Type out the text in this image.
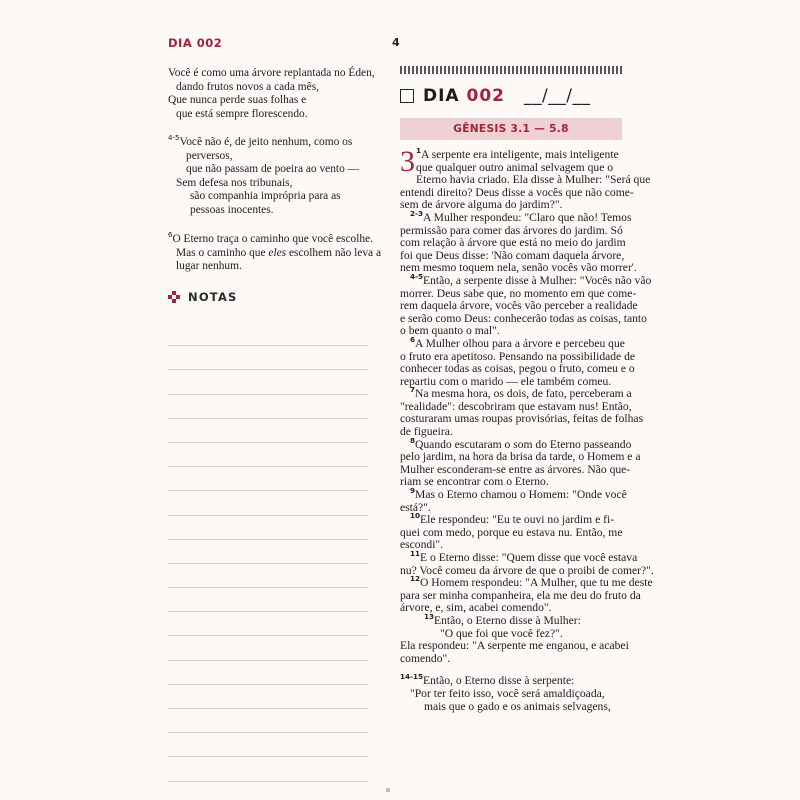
DIA 002	4
Você é como uma árvore replantada no Éden,
dando frutos novos a cada mês,
Que nunca perde suas folhas e
que está sempre florescendo.
$^{4-5}$Você não é, de jeito nenhum, como os
perversos,
que não passam de poeira ao vento —
Sem defesa nos tribunais,
são companhia imprópria para as
pessoas inocentes.
$^6$O Eterno traça o caminho que você escolhe.
Mas o caminho que eles escolhem não leva a
lugar nenhum.
NOTAS
DIA 002 __/__/__
GÊNESIS 3.1 — 5.8
3 $^1$A serpente era inteligente, mais inteligente
que qualquer outro animal selvagem que o
Eterno havia criado. Ela disse à Mulher: "Será que
entendi direito? Deus disse a vocês que não come-
sem de árvore alguma do jardim?".
$^{2-3}$A Mulher respondeu: "Claro que não! Temos
permissão para comer das árvores do jardim. Só
com relação à árvore que está no meio do jardim
foi que Deus disse: 'Não comam daquela árvore,
nem mesmo toquem nela, senão vocês vão morrer'.
$^{4-5}$Então, a serpente disse à Mulher: "Vocês não vão
morrer. Deus sabe que, no momento em que come-
rem daquela árvore, vocês vão perceber a realidade
e serão como Deus: conhecerão todas as coisas, tanto
o bem quanto o mal".
$^6$A Mulher olhou para a árvore e percebeu que
o fruto era apetitoso. Pensando na possibilidade de
conhecer todas as coisas, pegou o fruto, comeu e o
repartiu com o marido — ele também comeu.
$^7$Na mesma hora, os dois, de fato, perceberam a
"realidade": descobriram que estavam nus! Então,
costuraram umas roupas provisórias, feitas de folhas
de figueira.
$^8$Quando escutaram o som do Eterno passeando
pelo jardim, na hora da brisa da tarde, o Homem e a
Mulher esconderam-se entre as árvores. Não que-
riam se encontrar com o Eterno.
$^9$Mas o Eterno chamou o Homem: "Onde você
está?".
$^{10}$Ele respondeu: "Eu te ouvi no jardim e fi-
quei com medo, porque eu estava nu. Então, me
escondi".
$^{11}$E o Eterno disse: "Quem disse que você estava
nu? Você comeu da árvore de que o proibi de comer?".
$^{12}$O Homem respondeu: "A Mulher, que tu me deste
para ser minha companheira, ela me deu do fruto da
árvore, e, sim, acabei comendo".
$^{13}$Então, o Eterno disse à Mulher:
"O que foi que você fez?".
Ela respondeu: "A serpente me enganou, e acabei
comendo".
$^{14-15}$Então, o Eterno disse à serpente:
"Por ter feito isso, você será amaldiçoada,
mais que o gado e os animais selvagens,
